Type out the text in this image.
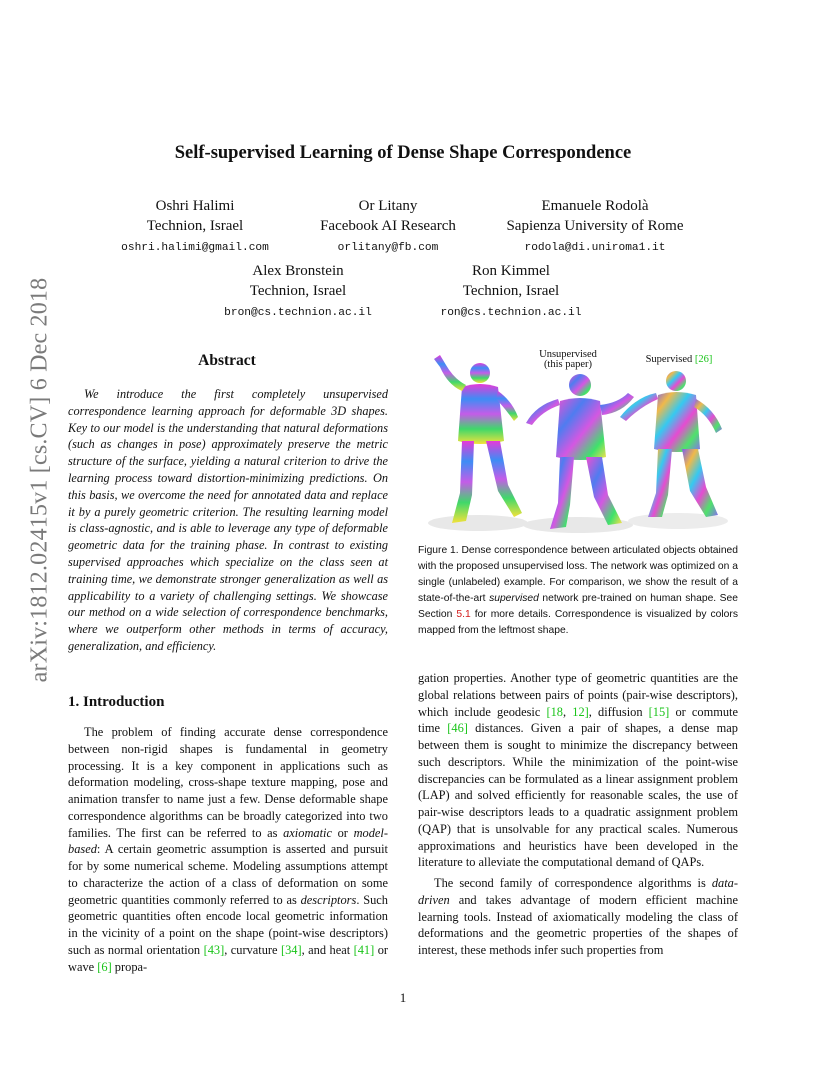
arXiv:1812.02415v1 [cs.CV] 6 Dec 2018
Self-supervised Learning of Dense Shape Correspondence
Oshri Halimi
Technion, Israel
oshri.halimi@gmail.com
Or Litany
Facebook AI Research
orlitany@fb.com
Emanuele Rodolà
Sapienza University of Rome
rodola@di.uniroma1.it
Alex Bronstein
Technion, Israel
bron@cs.technion.ac.il
Ron Kimmel
Technion, Israel
ron@cs.technion.ac.il
Abstract
We introduce the first completely unsupervised correspondence learning approach for deformable 3D shapes. Key to our model is the understanding that natural deformations (such as changes in pose) approximately preserve the metric structure of the surface, yielding a natural criterion to drive the learning process toward distortion-minimizing predictions. On this basis, we overcome the need for annotated data and replace it by a purely geometric criterion. The resulting learning model is class-agnostic, and is able to leverage any type of deformable geometric data for the training phase. In contrast to existing supervised approaches which specialize on the class seen at training time, we demonstrate stronger generalization as well as applicability to a variety of challenging settings. We showcase our method on a wide selection of correspondence benchmarks, where we outperform other methods in terms of accuracy, generalization, and efficiency.
Unsupervised
(this paper)	Supervised [26]
Figure 1. Dense correspondence between articulated objects obtained with the proposed unsupervised loss. The network was optimized on a single (unlabeled) example. For comparison, we show the result of a state-of-the-art supervised network pre-trained on human shape. See Section 5.1 for more details. Correspondence is visualized by colors mapped from the leftmost shape.
1. Introduction

The problem of finding accurate dense correspondence between non-rigid shapes is fundamental in geometry processing. It is a key component in applications such as deformation modeling, cross-shape texture mapping, pose and animation transfer to name just a few. Dense deformable shape correspondence algorithms can be broadly categorized into two families. The first can be referred to as axiomatic or model-based: A certain geometric assumption is asserted and pursuit for by some numerical scheme. Modeling assumptions attempt to characterize the action of a class of deformation on some geometric quantities commonly referred to as descriptors. Such geometric quantities often encode local geometric information in the vicinity of a point on the shape (point-wise descriptors) such as normal orientation [43], curvature [34], and heat [41] or wave [6] propa-

gation properties. Another type of geometric quantities are the global relations between pairs of points (pair-wise descriptors), which include geodesic [18, 12], diffusion [15] or commute time [46] distances. Given a pair of shapes, a dense map between them is sought to minimize the discrepancy between such descriptors. While the minimization of the point-wise discrepancies can be formulated as a linear assignment problem (LAP) and solved efficiently for reasonable scales, the use of pair-wise descriptors leads to a quadratic assignment problem (QAP) that is unsolvable for any practical scales. Numerous approximations and heuristics have been developed in the literature to alleviate the computational demand of QAPs.

The second family of correspondence algorithms is data-driven and takes advantage of modern efficient machine learning tools. Instead of axiomatically modeling the class of deformations and the geometric properties of the shapes of interest, these methods infer such properties from

1
